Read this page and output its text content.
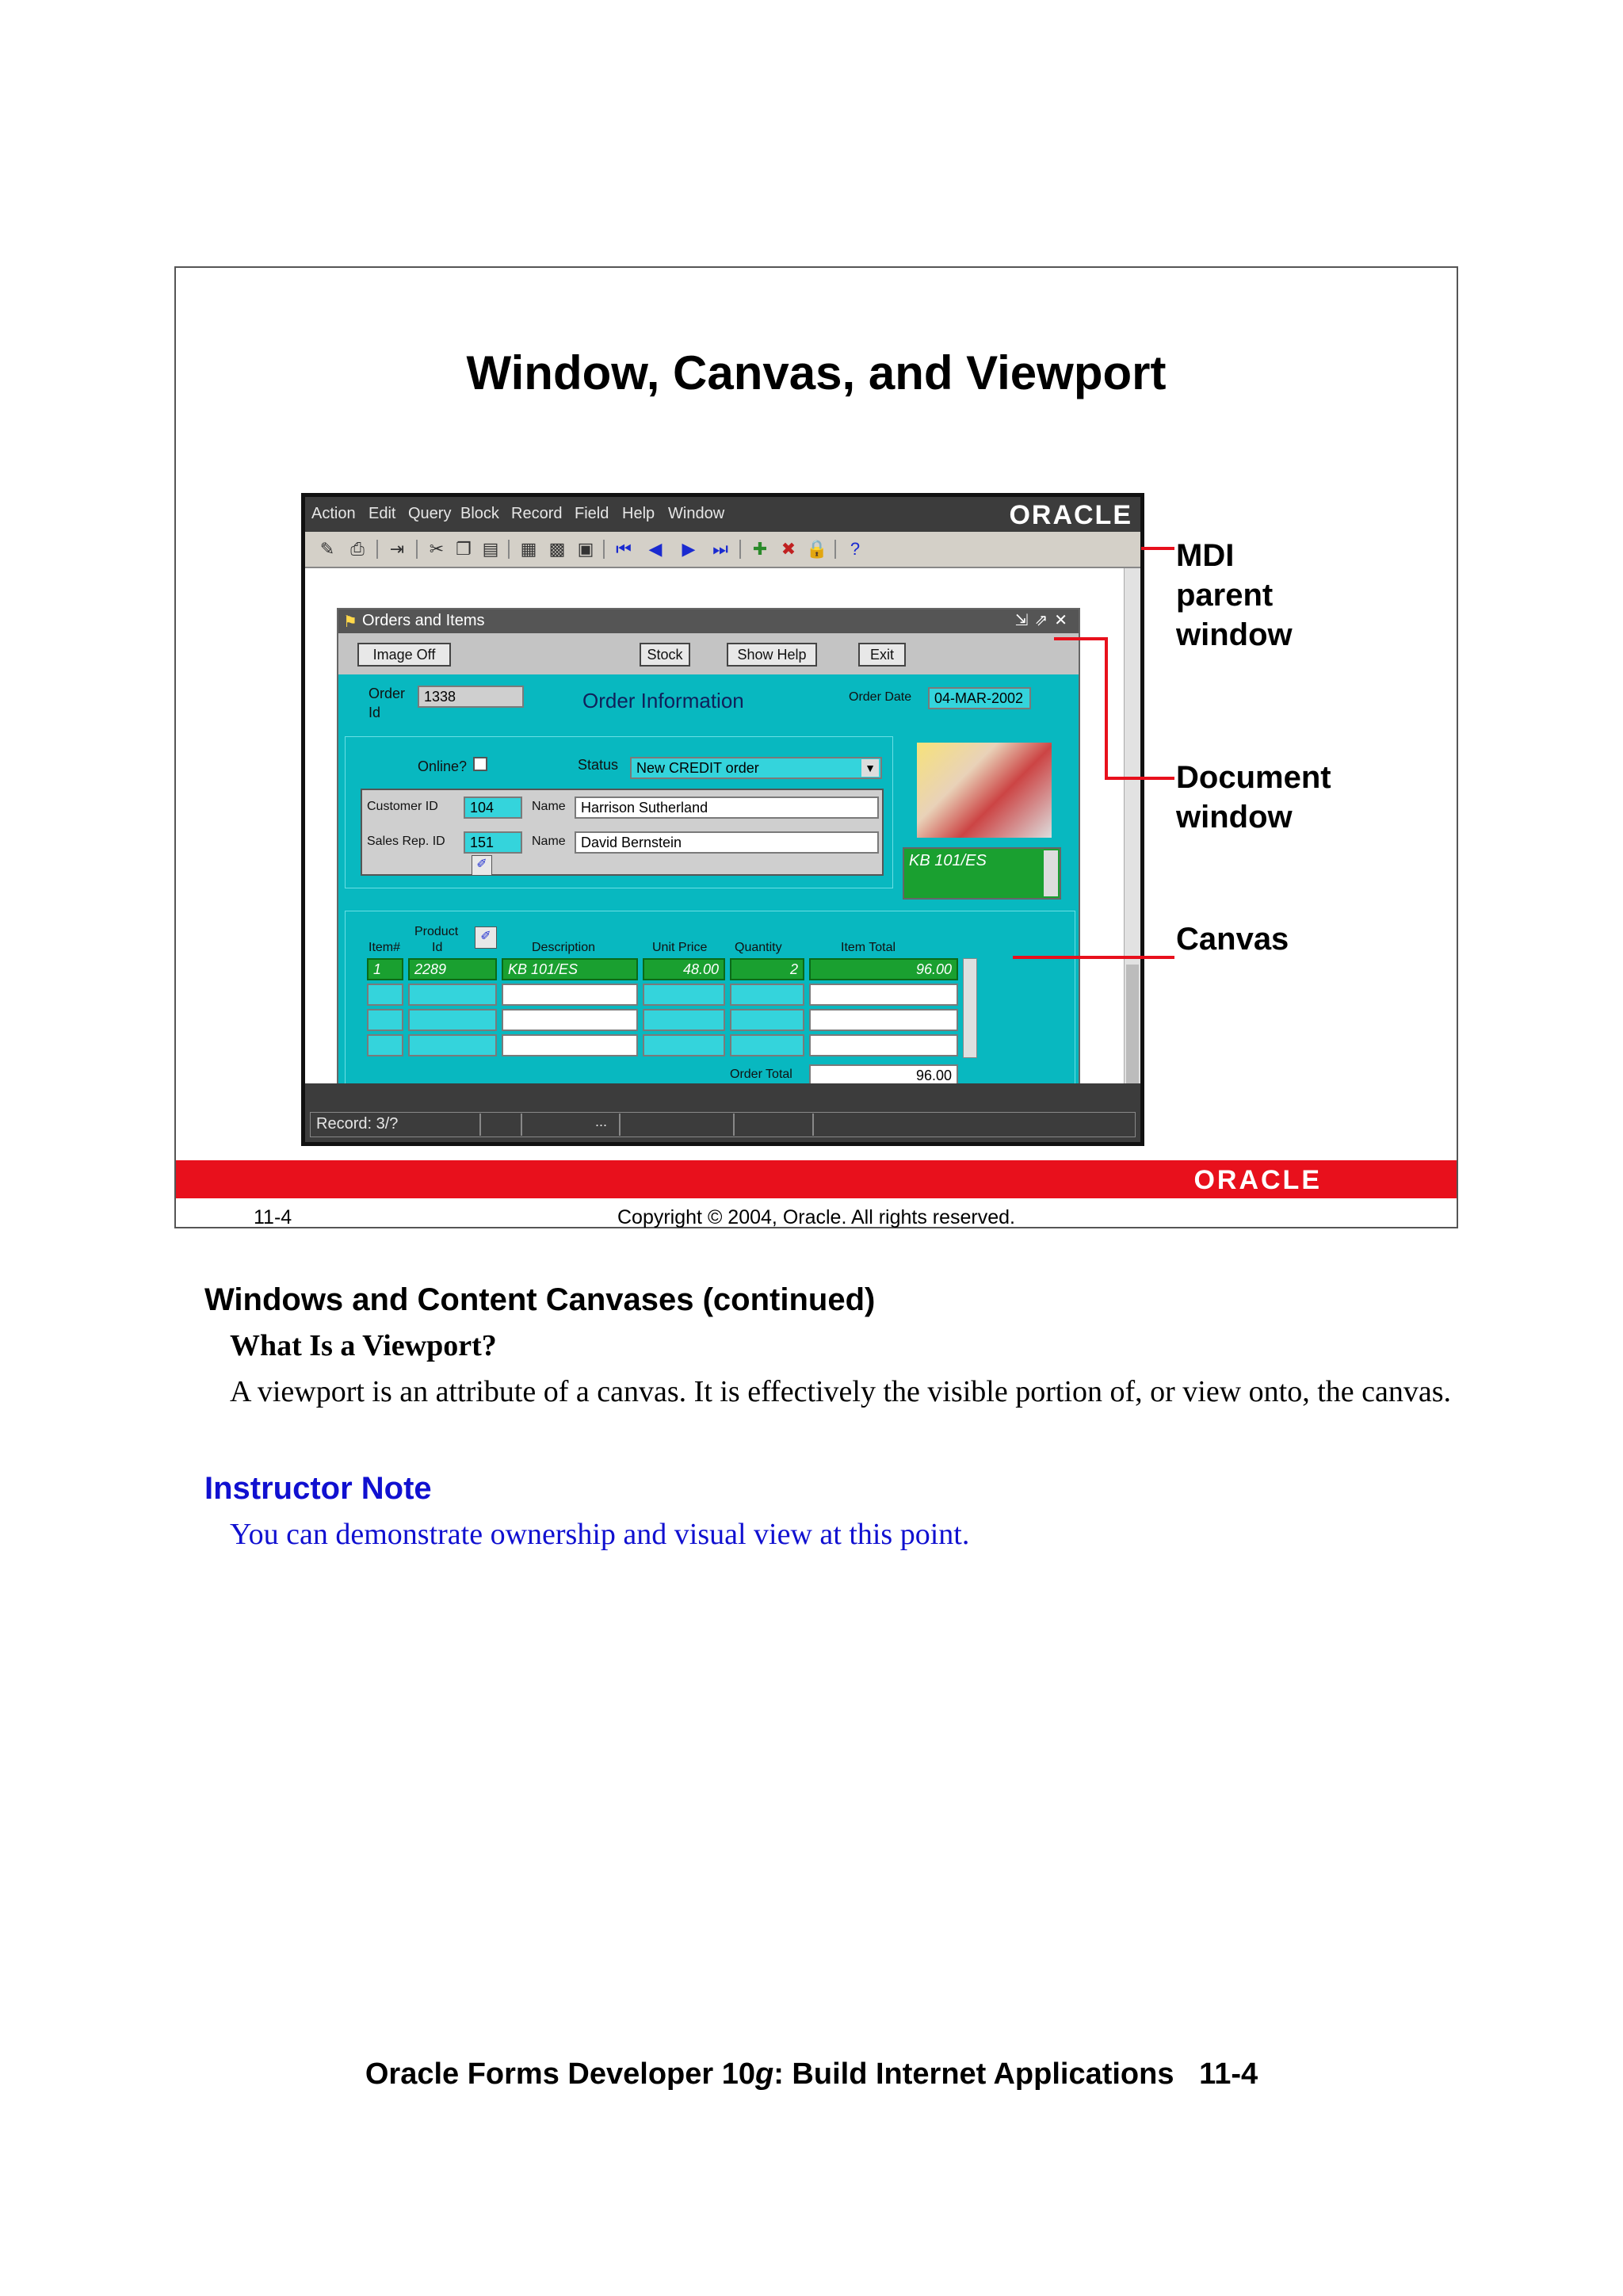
Window, Canvas, and Viewport
Action Edit Query Block Record Field Help Window	ORACLE
✎ ⎙ ⇥ ✂ ❐ ▤ ▦ ▩ ▣ ⏮ ◀ ▶ ⏭ ✚ ✖ 🔒	?
⚑ Orders and Items	⇲⇗✕
Image Off	Stock	Show Help	Exit
Order
Id
1338	Order Information	Order Date	04-MAR-2002
Online?	Status	New CREDIT order	▼
Customer ID	104	Name	Harrison Sutherland
Sales Rep. ID	151	Name	David Bernstein
✐	KB 101/ES
Product	✐
Item# Id	Description	Unit Price Quantity	Item Total
1	2289	KB 101/ES	48.00	2	96.00
Order Total	96.00
Record: 3/?	...
MDI
parent
window
Document
window
Canvas
ORACLE
Copyright © 2004, Oracle. All rights reserved.
11-4
Windows and Content Canvases (continued)
What Is a Viewport?
A viewport is an attribute of a canvas. It is effectively the visible portion of, or view onto, the canvas.
Instructor Note
You can demonstrate ownership and visual view at this point.
Oracle Forms Developer 10g: Build Internet Applications   11-4
